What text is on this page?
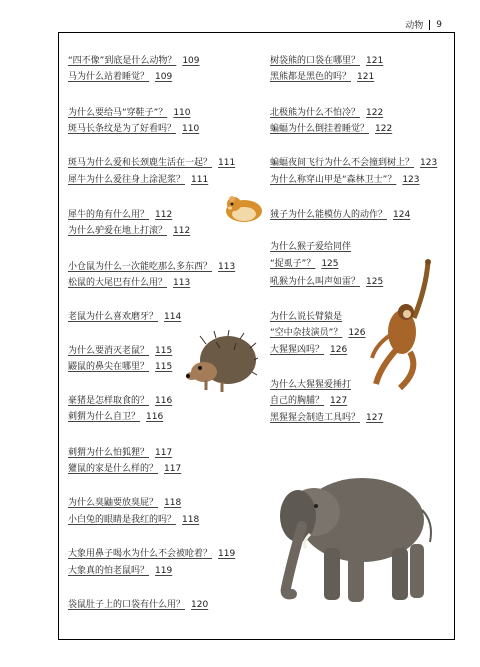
动物 9
“四不像”到底是什么动物？ 109
马为什么站着睡觉？ 109
为什么要给马“穿鞋子”？ 110
斑马长条纹是为了好看吗？ 110
斑马为什么爱和长颈鹿生活在一起？ 111
犀牛为什么爱往身上涂泥浆？ 111
犀牛的角有什么用？ 112
为什么驴爱在地上打滚？ 112
小仓鼠为什么一次能吃那么多东西？ 113
松鼠的大尾巴有什么用？ 113
老鼠为什么喜欢磨牙？ 114
为什么要消灭老鼠？ 115
鼹鼠的鼻尖在哪里？ 115
豪猪是怎样取食的？ 116
刺猬为什么自卫？ 116
刺猬为什么怕狐狸？ 117
獾鼠的家是什么样的？ 117
为什么臭鼬要放臭屁？ 118
小白兔的眼睛是我红的吗？ 118
大象用鼻子喝水为什么不会被呛着？ 119
大象真的怕老鼠吗？ 119
袋鼠肚子上的口袋有什么用？ 120
树袋熊的口袋在哪里？ 121
黑熊都是黑色的吗？ 121
北极熊为什么不怕冷？ 122
蝙蝠为什么倒挂着睡觉？ 122
蝙蝠夜间飞行为什么不会撞到树上？ 123
为什么称穿山甲是“森林卫士”？ 123
狨子为什么能模仿人的动作？ 124
为什么猴子爱给同伴
“捉虱子”？ 125
吼猴为什么叫声如雷？ 125
为什么说长臂猿是
“空中杂技演员”？ 126
大猩猩凶吗？ 126
为什么大猩猩爱捶打
自己的胸脯？ 127
黑猩猩会制造工具吗？ 127
